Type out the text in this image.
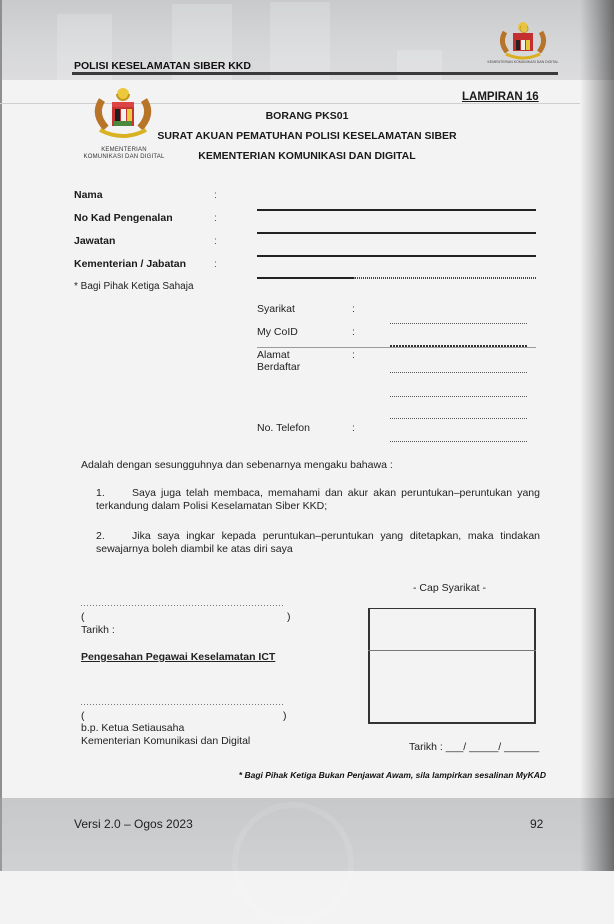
POLISI KESELAMATAN SIBER KKD	KEMENTERIAN KOMUNIKASI DAN DIGITAL
LAMPIRAN 16
KEMENTERIAN
KOMUNIKASI DAN DIGITAL
BORANG PKS01
SURAT AKUAN PEMATUHAN POLISI KESELAMATAN SIBER
KEMENTERIAN KOMUNIKASI DAN DIGITAL
Nama	:
No Kad Pengenalan	:
Jawatan	:
Kementerian / Jabatan	:
* Bagi Pihak Ketiga Sahaja
Syarikat	:
My CoID	:
Alamat
Berdaftar
:
No. Telefon	:
Adalah dengan sesungguhnya dan sebenarnya mengaku bahawa :
1.	Saya juga telah membaca, memahami dan akur akan peruntukan–peruntukan yang terkandung dalam Polisi Keselamatan Siber KKD;
2.	Jika saya ingkar kepada peruntukan–peruntukan yang ditetapkan, maka tindakan sewajarnya boleh diambil ke atas diri saya
- Cap Syarikat -
(	)
Tarikh :
Pengesahan Pegawai Keselamatan ICT
(	)
b.p. Ketua Setiausaha
Kementerian Komunikasi dan Digital	Tarikh : ___/ _____/ ______
* Bagi Pihak Ketiga Bukan Penjawat Awam, sila lampirkan sesalinan MyKAD
Versi 2.0 – Ogos 2023	92
